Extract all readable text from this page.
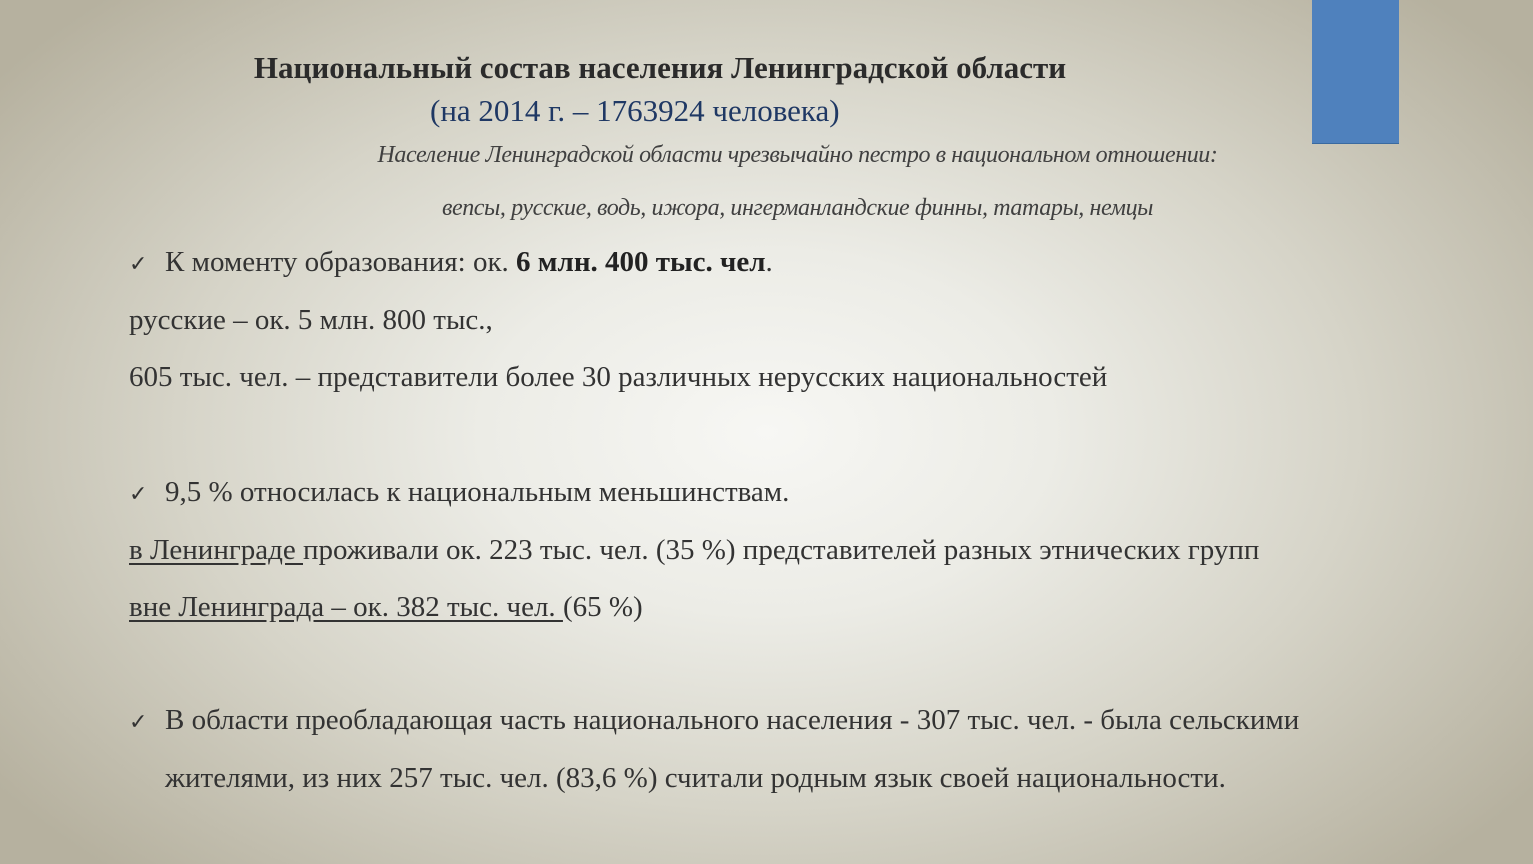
Национальный состав населения Ленинградской области
(на 2014 г. – 1763924 человека)
Население Ленинградской области чрезвычайно пестро в национальном отношении:
вепсы, русские, водь, ижора, ингерманландские финны, татары, немцы
✓ К моменту образования: ок. 6 млн. 400 тыс. чел.
русские – ок. 5 млн. 800 тыс.,
605 тыс. чел. – представители более 30 различных нерусских национальностей
✓ 9,5 % относилась к национальным меньшинствам.
в Ленинграде проживали ок. 223 тыс. чел. (35 %) представителей разных этнических групп
вне Ленинграда – ок. 382 тыс. чел. (65 %)
✓ В области преобладающая часть национального населения - 307 тыс. чел. - была сельскими
жителями, из них 257 тыс. чел. (83,6 %) считали родным язык своей национальности.
